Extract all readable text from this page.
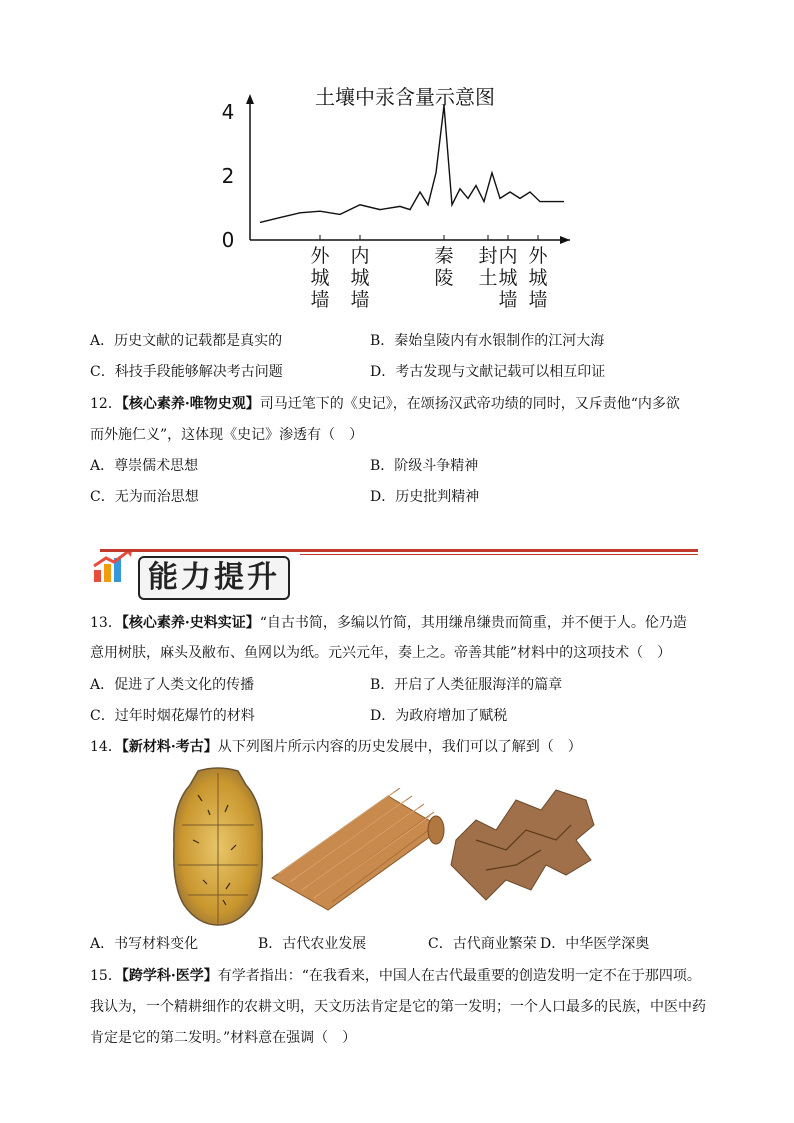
土壤中汞含量示意图
4
2
0
外
城
墙
内
城
墙
秦
陵
封
土
内
城
墙
外
城
墙
A．历史文献的记载都是真实的	B．秦始皇陵内有水银制作的江河大海
C．科技手段能够解决考古问题	D．考古发现与文献记载可以相互印证
12．【核心素养·唯物史观】司马迁笔下的《史记》，在颂扬汉武帝功绩的同时，又斥责他“内多欲
而外施仁义”，这体现《史记》渗透有（　）
A．尊崇儒术思想	B．阶级斗争精神
C．无为而治思想	D．历史批判精神
能力提升
13．【核心素养·史料实证】“自古书简，多编以竹简，其用缣帛缣贵而简重，并不便于人。伦乃造
意用树肤，麻头及敝布、鱼网以为纸。元兴元年，奏上之。帝善其能”材料中的这项技术（　）
A．促进了人类文化的传播	B．开启了人类征服海洋的篇章
C．过年时烟花爆竹的材料	D．为政府增加了赋税
14．【新材料·考古】从下列图片所示内容的历史发展中，我们可以了解到（　）
A．书写材料变化	B．古代农业发展	C．古代商业繁荣 D．中华医学深奥
15．【跨学科·医学】有学者指出：“在我看来，中国人在古代最重要的创造发明一定不在于那四项。
我认为，一个精耕细作的农耕文明，天文历法肯定是它的第一发明；一个人口最多的民族，中医中药
肯定是它的第二发明。”材料意在强调（　）
